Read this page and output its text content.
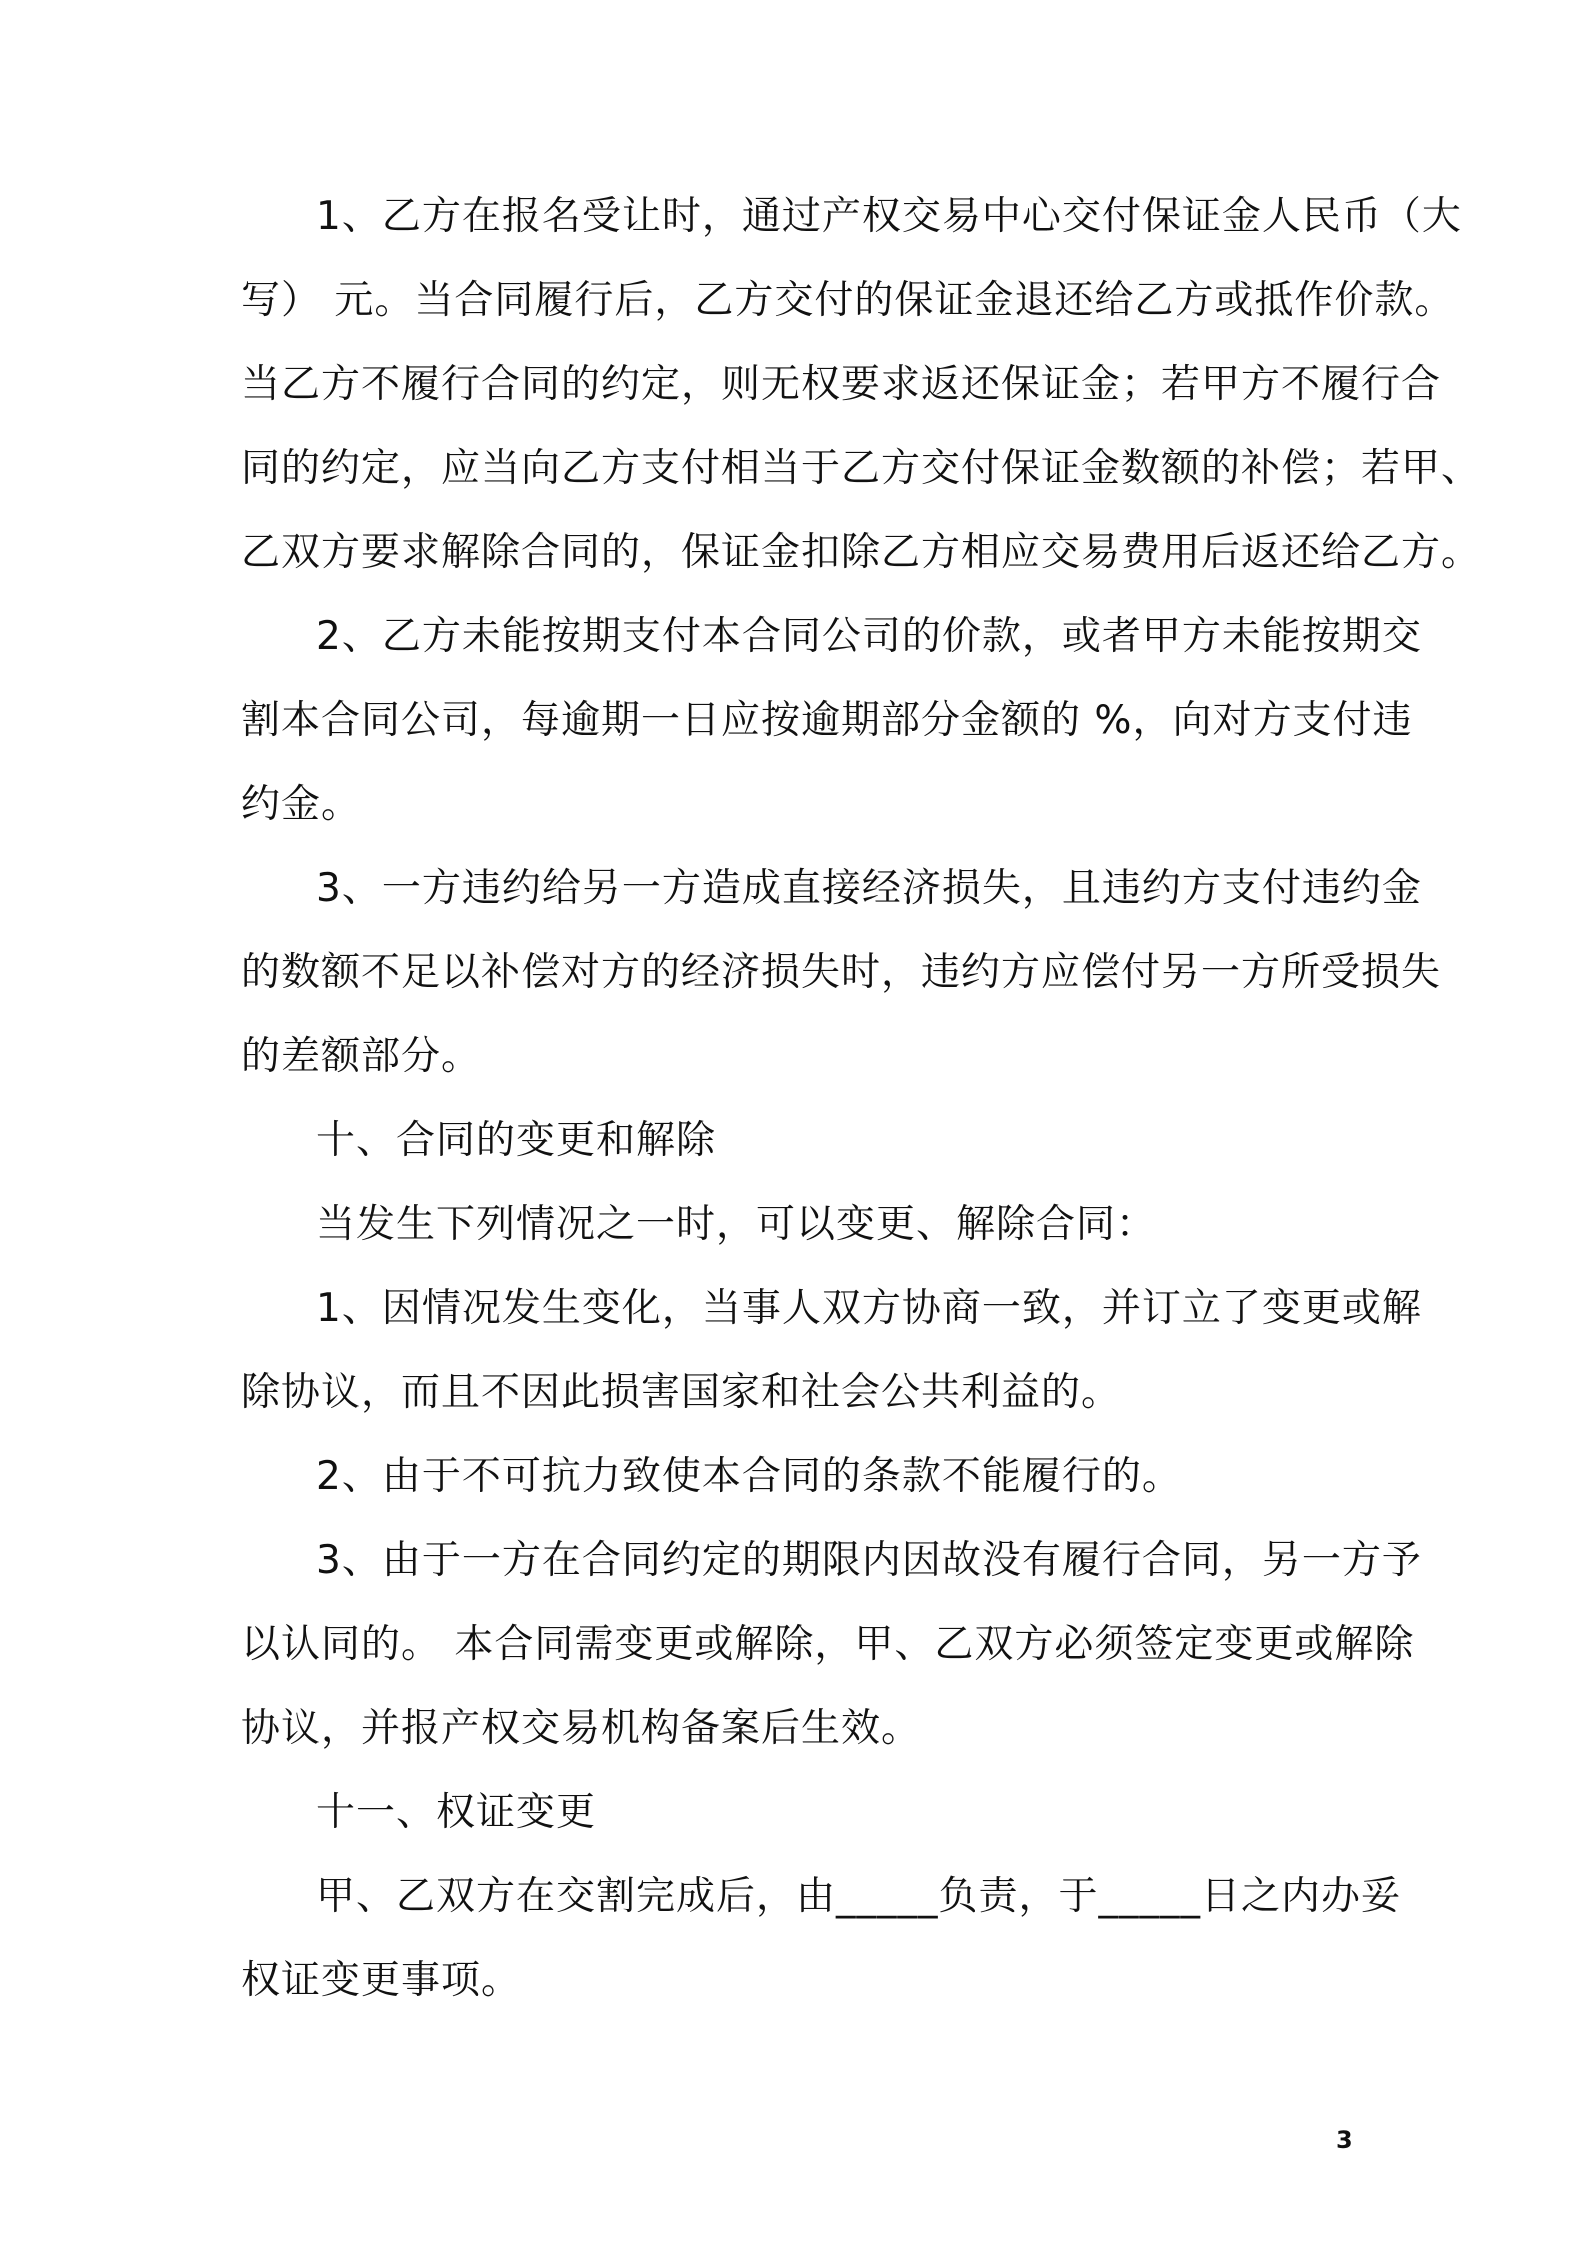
1、乙方在报名受让时，通过产权交易中心交付保证金人民币（大
写） 元。当合同履行后，乙方交付的保证金退还给乙方或抵作价款。
当乙方不履行合同的约定，则无权要求返还保证金；若甲方不履行合
同的约定，应当向乙方支付相当于乙方交付保证金数额的补偿；若甲、
乙双方要求解除合同的，保证金扣除乙方相应交易费用后返还给乙方。
2、乙方未能按期支付本合同公司的价款，或者甲方未能按期交
割本合同公司，每逾期一日应按逾期部分金额的 %，向对方支付违
约金。
3、一方违约给另一方造成直接经济损失，且违约方支付违约金
的数额不足以补偿对方的经济损失时，违约方应偿付另一方所受损失
的差额部分。
十、合同的变更和解除
当发生下列情况之一时，可以变更、解除合同：
1、因情况发生变化，当事人双方协商一致，并订立了变更或解
除协议，而且不因此损害国家和社会公共利益的。
2、由于不可抗力致使本合同的条款不能履行的。
3、由于一方在合同约定的期限内因故没有履行合同，另一方予
以认同的。 本合同需变更或解除，甲、乙双方必须签定变更或解除
协议，并报产权交易机构备案后生效。
十一、权证变更
甲、乙双方在交割完成后，由_____负责，于_____日之内办妥
权证变更事项。
3
